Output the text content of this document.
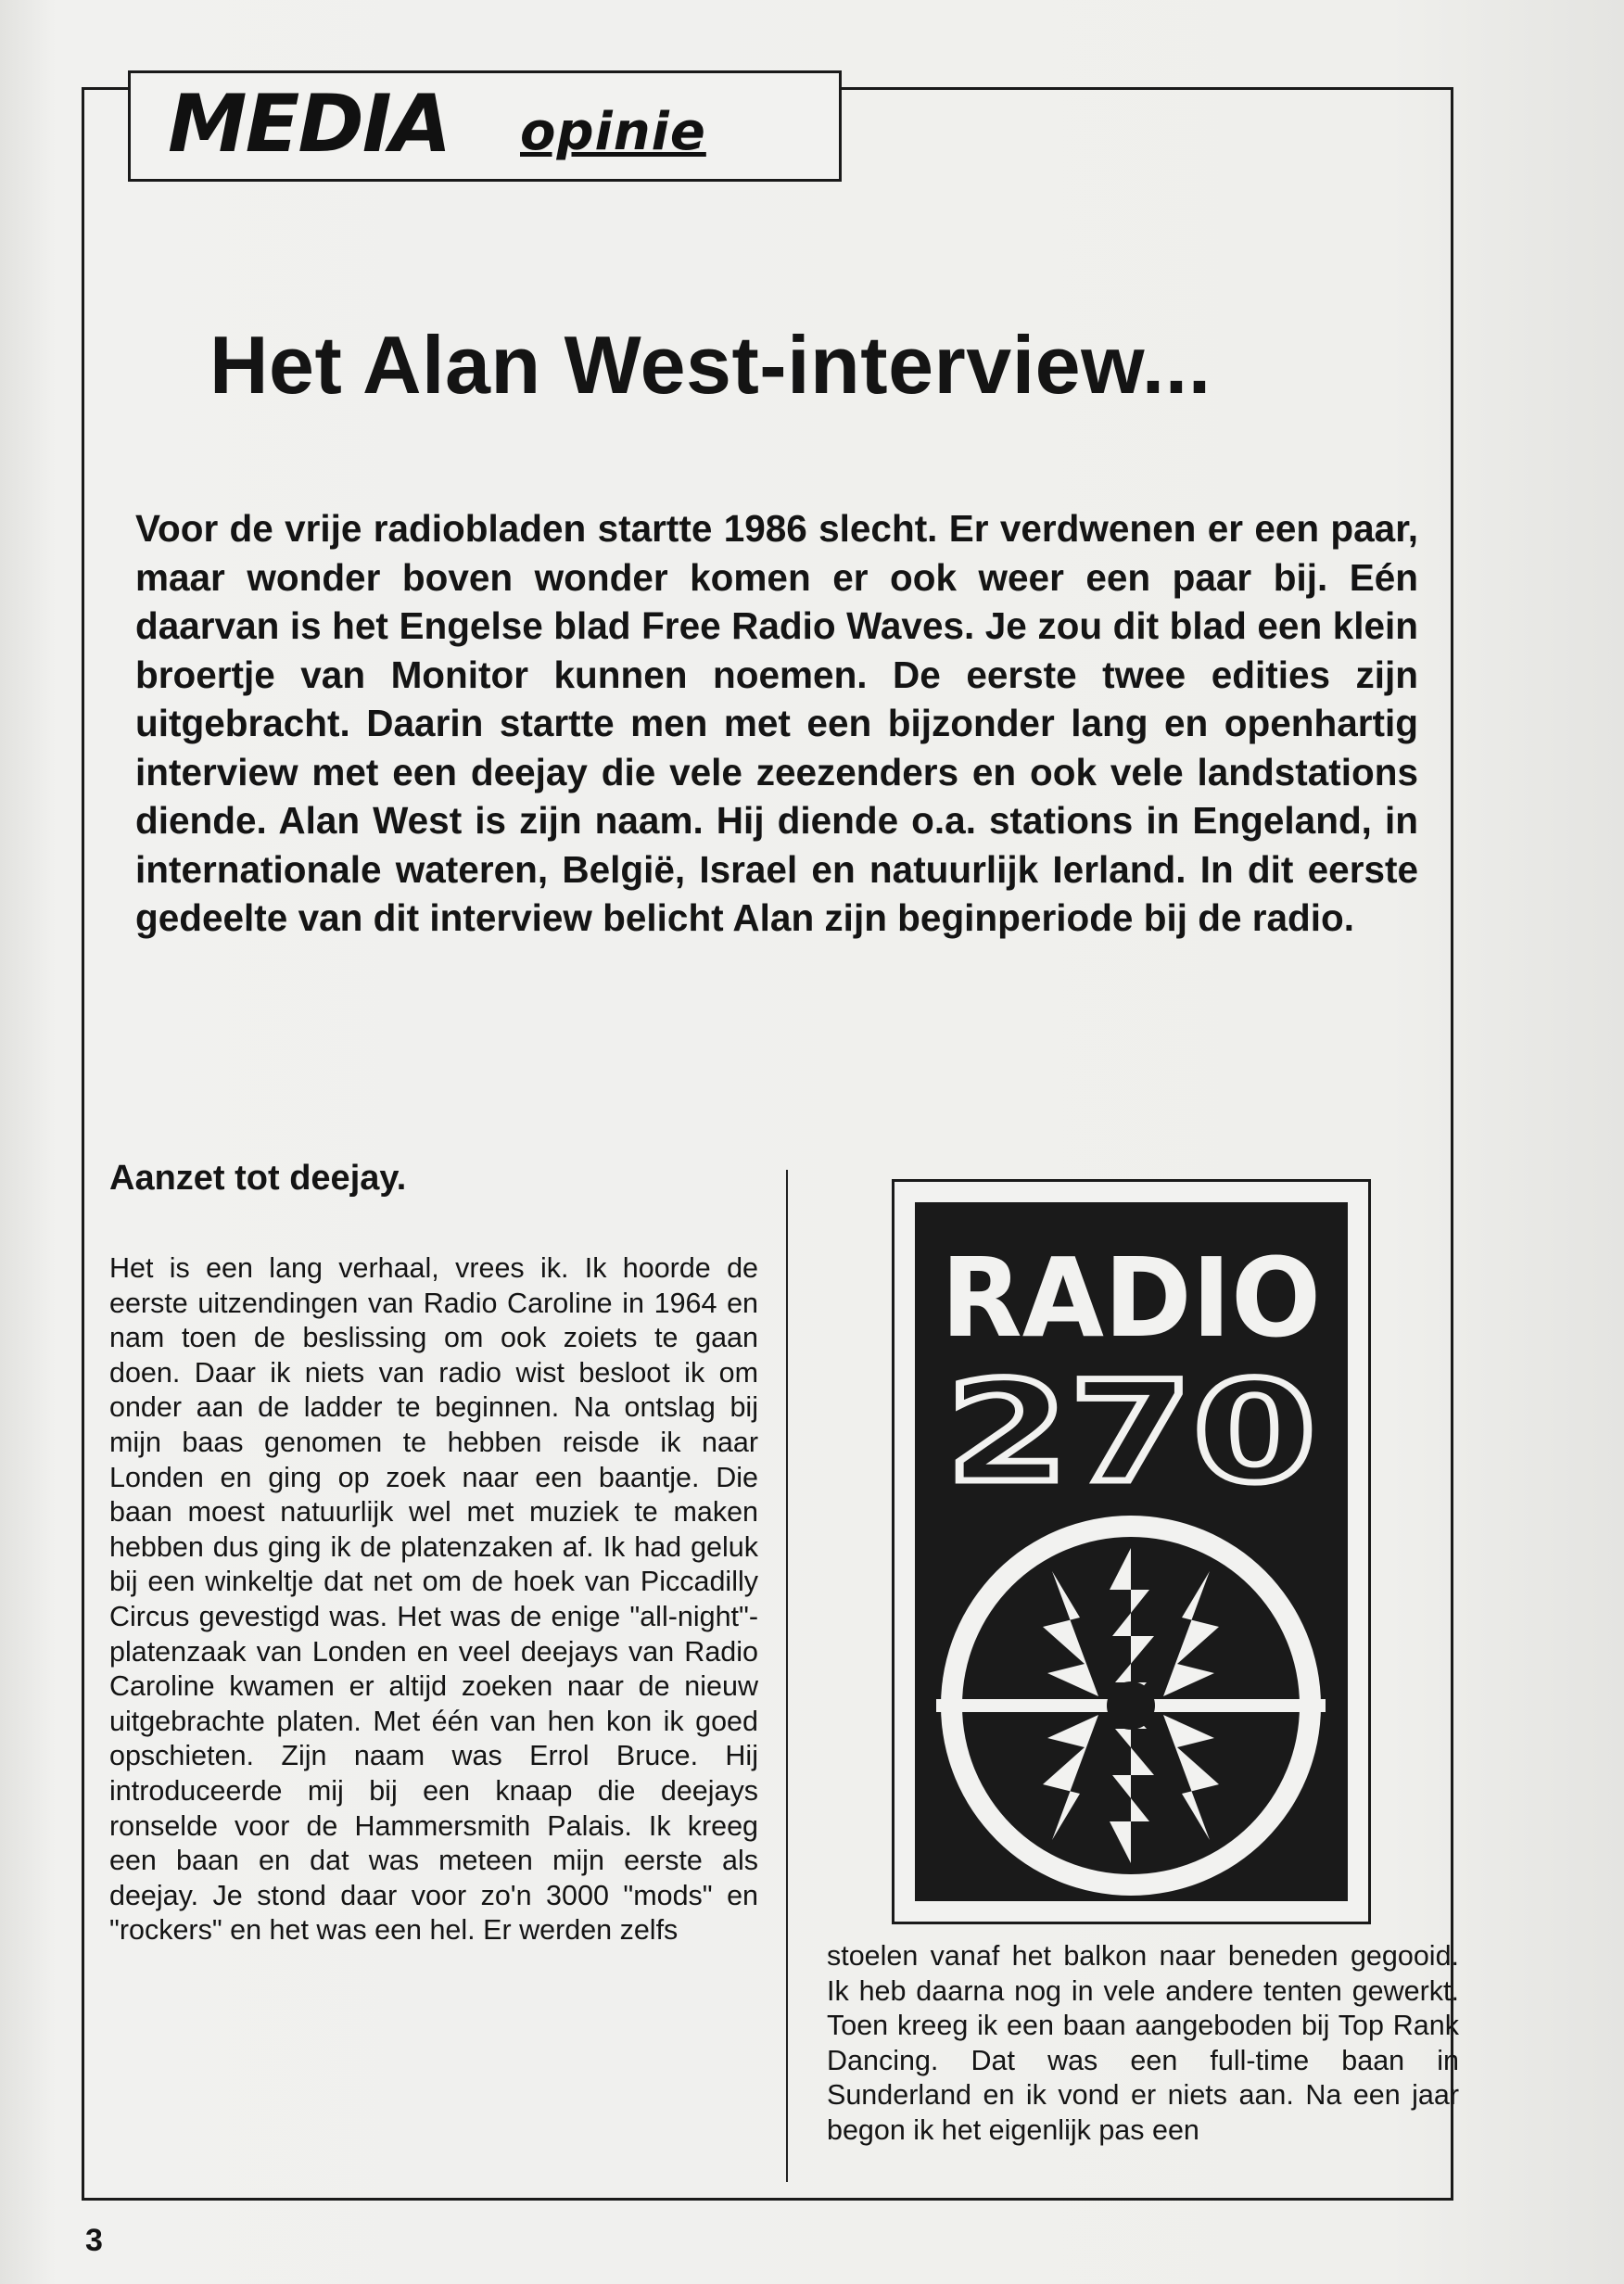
MEDIA opinie
Het Alan West-interview...

Voor de vrije radiobladen startte 1986 slecht. Er verdwenen er een paar, maar wonder boven wonder komen er ook weer een paar bij. Eén daarvan is het Engelse blad Free Radio Waves. Je zou dit blad een klein broertje van Monitor kunnen noemen. De eerste twee edities zijn uitgebracht. Daarin startte men met een bijzonder lang en openhartig interview met een deejay die vele zeezenders en ook vele landstations diende. Alan West is zijn naam. Hij diende o.a. stations in Engeland, in internationale wateren, België, Israel en natuurlijk Ierland. In dit eerste gedeelte van dit interview belicht Alan zijn beginperiode bij de radio.

Aanzet tot deejay.

Het is een lang verhaal, vrees ik. Ik hoorde de eerste uitzendingen van Radio Caroline in 1964 en nam toen de beslissing om ook zoiets te gaan doen. Daar ik niets van radio wist besloot ik om onder aan de ladder te beginnen. Na ontslag bij mijn baas genomen te hebben reisde ik naar Londen en ging op zoek naar een baantje. Die baan moest natuurlijk wel met muziek te maken hebben dus ging ik de platenzaken af. Ik had geluk bij een winkeltje dat net om de hoek van Piccadilly Circus gevestigd was. Het was de enige "all-night"-platenzaak van Londen en veel deejays van Radio Caroline kwamen er altijd zoeken naar de nieuw uitgebrachte platen. Met één van hen kon ik goed opschieten. Zijn naam was Errol Bruce. Hij introduceerde mij bij een knaap die deejays ronselde voor de Hammersmith Palais. Ik kreeg een baan en dat was meteen mijn eerste als deejay. Je stond daar voor zo'n 3000 "mods" en "rockers" en het was een hel. Er werden zelfs

RADIO
270

stoelen vanaf het balkon naar beneden gegooid. Ik heb daarna nog in vele andere tenten gewerkt. Toen kreeg ik een baan aangeboden bij Top Rank Dancing. Dat was een full-time baan in Sunderland en ik vond er niets aan. Na een jaar begon ik het eigenlijk pas een

3
